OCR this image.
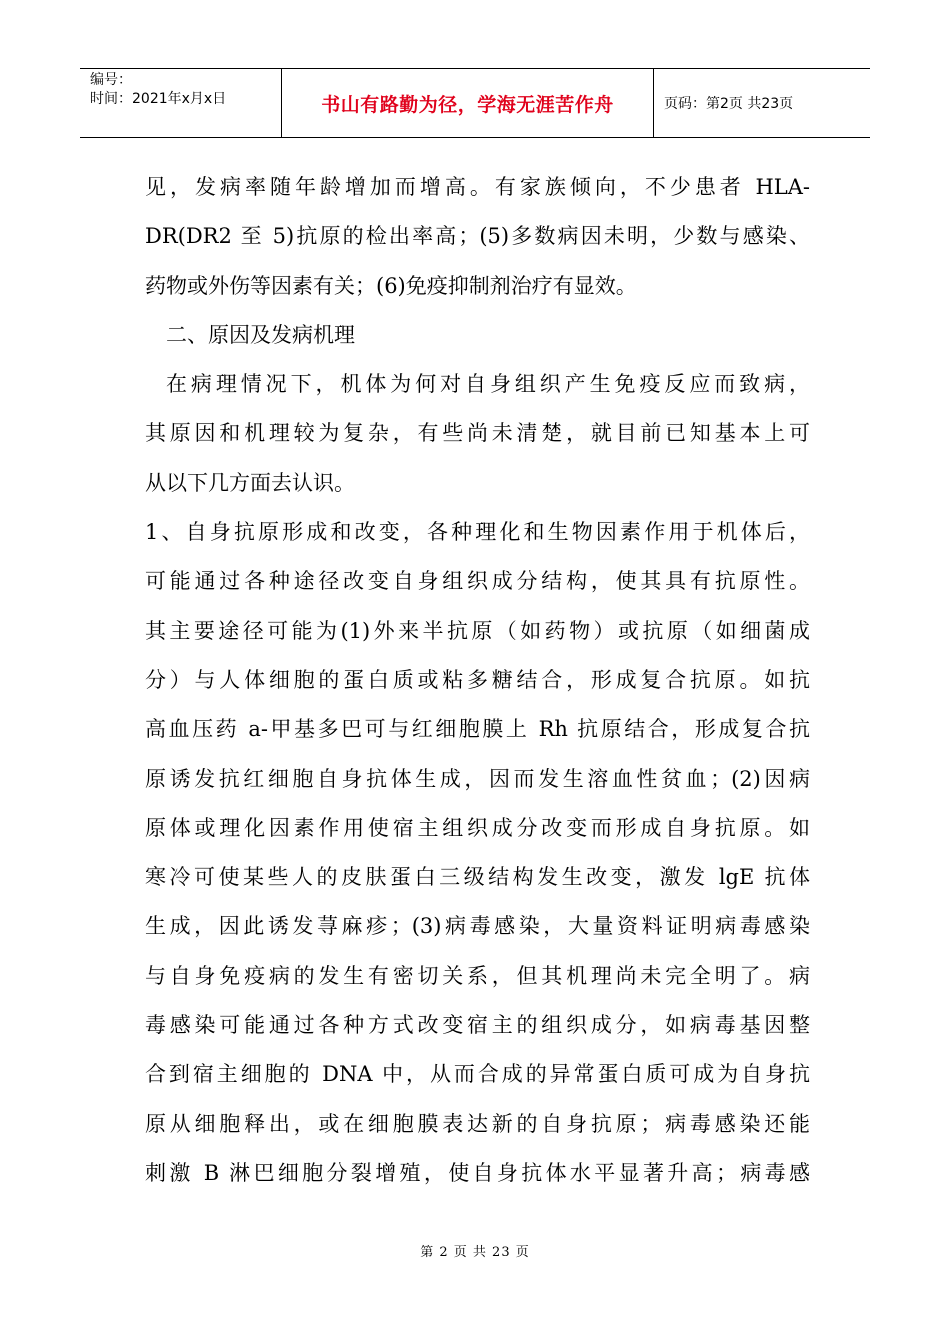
编号：
时间：2021年x月x日	书山有路勤为径，学海无涯苦作舟	页码：第2页 共23页
见，发病率随年龄增加而增高。有家族倾向，不少患者 HLA-
DR(DR2 至 5)抗原的检出率高；(5)多数病因未明，少数与感染、
药物或外伤等因素有关；(6)免疫抑制剂治疗有显效。
二、原因及发病机理
在病理情况下，机体为何对自身组织产生免疫反应而致病，
其原因和机理较为复杂，有些尚未清楚，就目前已知基本上可
从以下几方面去认识。
1、自身抗原形成和改变，各种理化和生物因素作用于机体后，
可能通过各种途径改变自身组织成分结构，使其具有抗原性。
其主要途径可能为(1)外来半抗原（如药物）或抗原（如细菌成
分）与人体细胞的蛋白质或粘多糖结合，形成复合抗原。如抗
高血压药 a-甲基多巴可与红细胞膜上 Rh 抗原结合，形成复合抗
原诱发抗红细胞自身抗体生成，因而发生溶血性贫血；(2)因病
原体或理化因素作用使宿主组织成分改变而形成自身抗原。如
寒冷可使某些人的皮肤蛋白三级结构发生改变，激发 lgE 抗体
生成，因此诱发荨麻疹；(3)病毒感染，大量资料证明病毒感染
与自身免疫病的发生有密切关系，但其机理尚未完全明了。病
毒感染可能通过各种方式改变宿主的组织成分，如病毒基因整
合到宿主细胞的 DNA 中，从而合成的异常蛋白质可成为自身抗
原从细胞释出，或在细胞膜表达新的自身抗原；病毒感染还能
刺激 B 淋巴细胞分裂增殖，使自身抗体水平显著升高；病毒感
第 2 页 共 23 页
